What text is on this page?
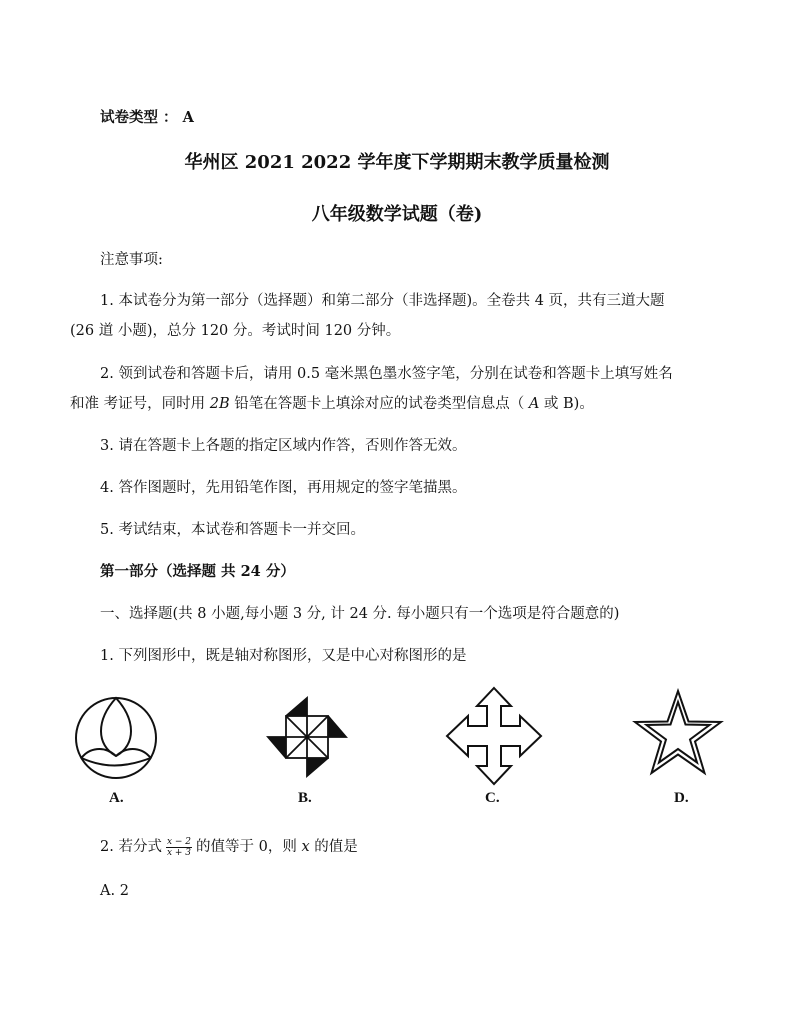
试卷类型 ： A
华州区 2021 2022 学年度下学期期末教学质量检测
八年级数学试题（卷)
注意事项:
1. 本试卷分为第一部分（选择题）和第二部分（非选择题)。全卷共 4 页，共有三道大题
(26 道 小题)，总分 120 分。考试时间 120 分钟。
2. 领到试卷和答题卡后，请用 0.5 毫米黑色墨水签字笔，分别在试卷和答题卡上填写姓名
和准 考证号，同时用 2B 铅笔在答题卡上填涂对应的试卷类型信息点（ A 或 B)。
3. 请在答题卡上各题的指定区域内作答，否则作答无效。
4. 答作图题时，先用铅笔作图，再用规定的签字笔描黑。
5. 考试结束，本试卷和答题卡一并交回。
第一部分（选择题 共 24 分）
一、选择题(共 8 小题,每小题 3 分, 计 24 分. 每小题只有一个选项是符合题意的)
1. 下列图形中，既是轴对称图形，又是中心对称图形的是
A.	B.	C.	D.
2. 若分式 $\frac{x - 2}{x + 3}$ 的值等于 0，则 x 的值是
A. 2
